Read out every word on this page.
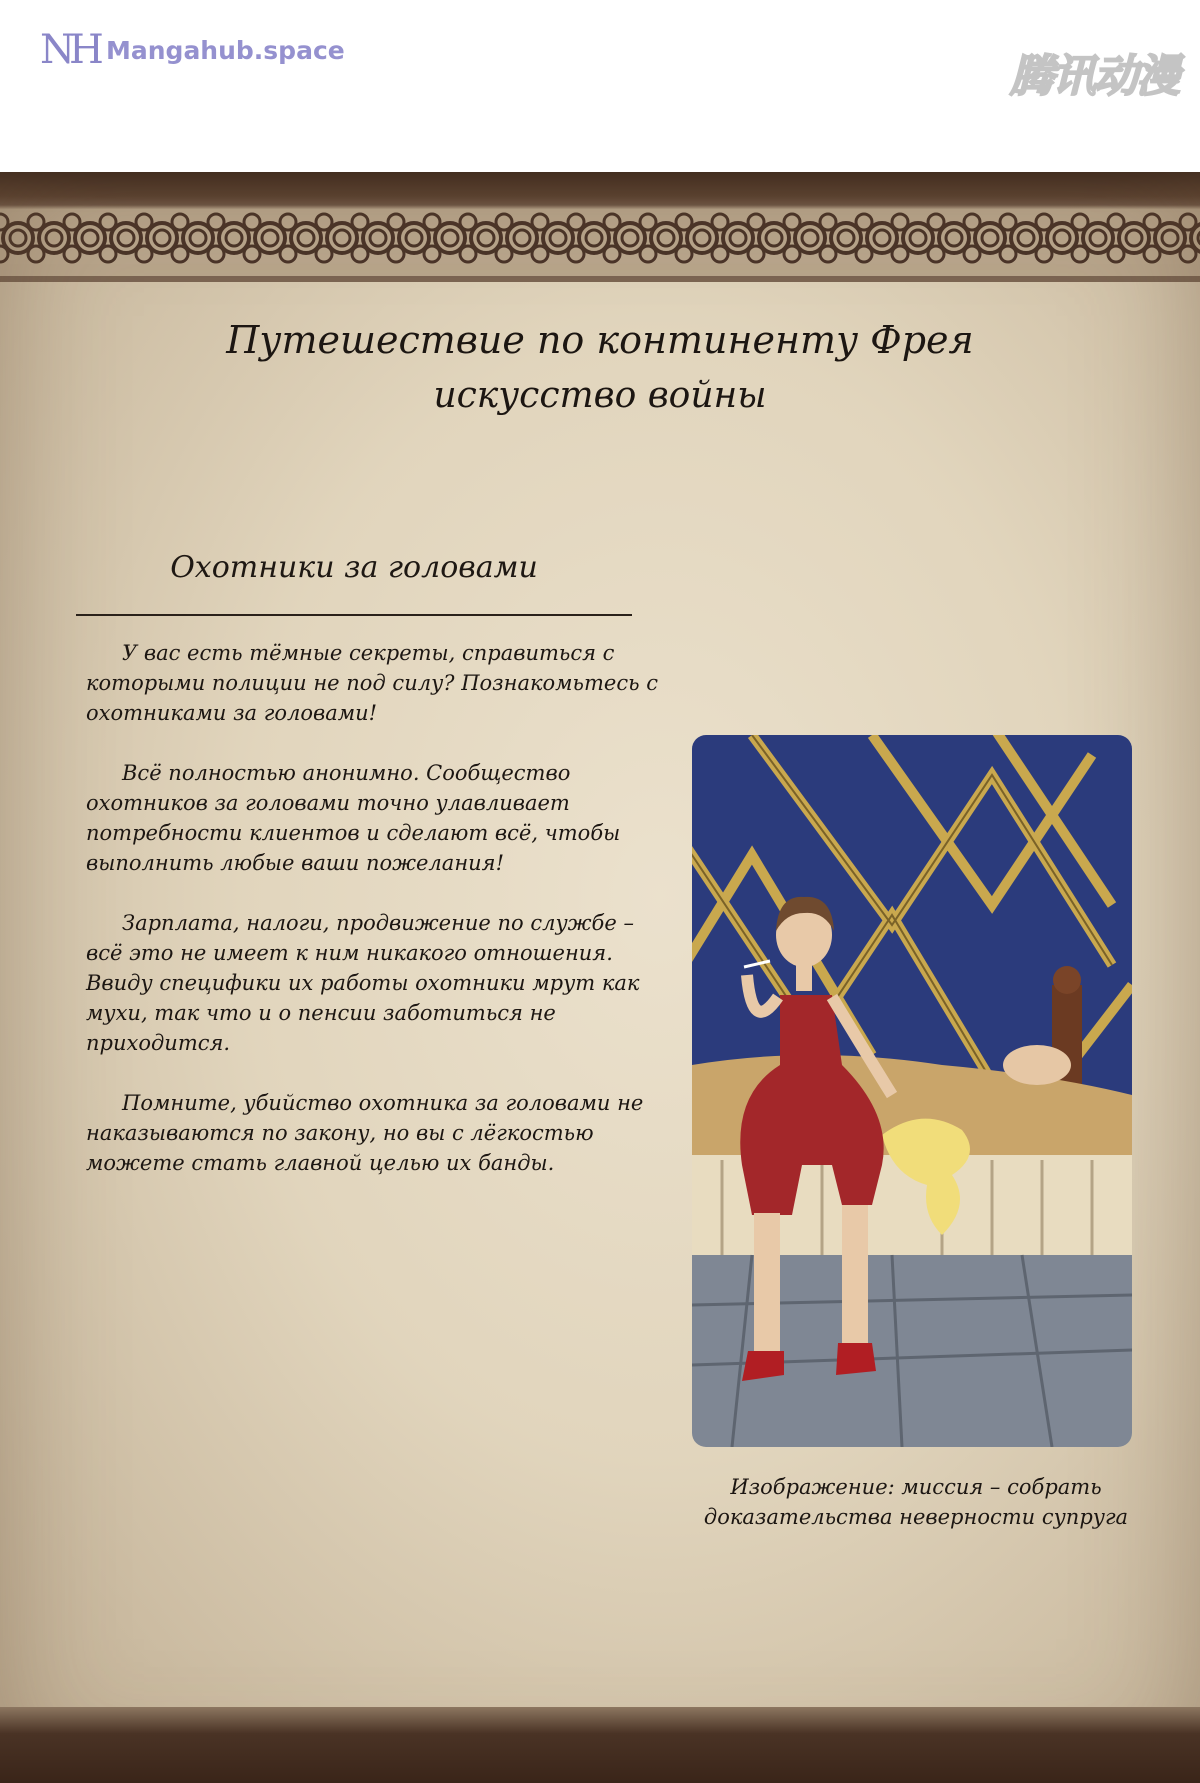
NH Mangahub.space
腾讯动漫
Путешествие по континенту Фрея
искусство войны
Охотники за головами

У вас есть тёмные секреты, справиться с которыми полиции не под силу? Познакомьтесь с охотниками за головами!

Всё полностью анонимно. Сообщество охотников за головами точно улавливает потребности клиентов и сделают всё, чтобы выполнить любые ваши пожелания!

Зарплата, налоги, продвижение по службе – всё это не имеет к ним никакого отношения. Ввиду специфики их работы охотники мрут как мухи, так что и о пенсии заботиться не приходится.

Помните, убийство охотника за головами не наказываются по закону, но вы с лёгкостью можете стать главной целью их банды.

Изображение: миссия – собрать
доказательства неверности супруга
